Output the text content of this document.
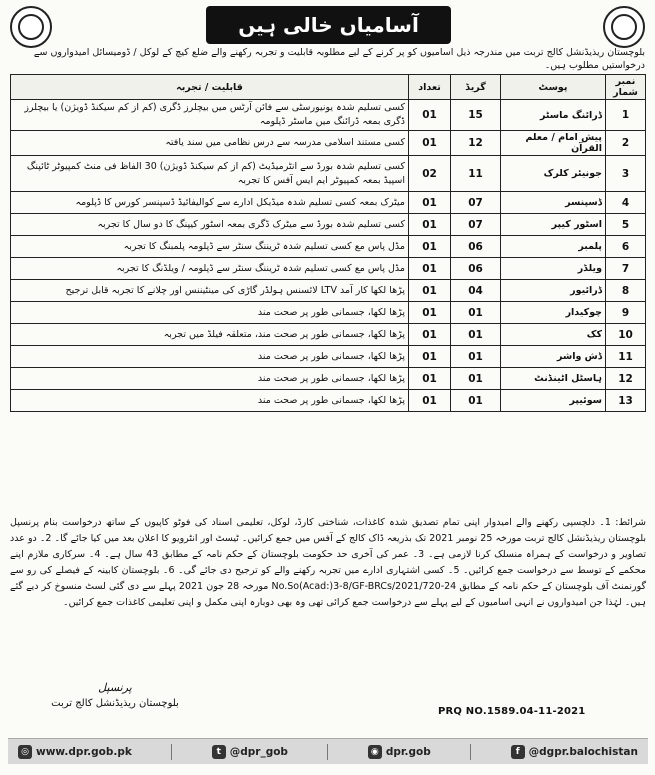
آسامیاں خالی ہیں
بلوچستان ریذیڈنشل کالج تربت میں مندرجہ ذیل اسامیوں کو پر کرنے کے لیے مطلوبہ قابلیت و تجربہ رکھنے والے ضلع کیچ کے لوکل / ڈومیسائل امیدواروں سے درخواستیں مطلوب ہیں۔
نمبر شمار	پوسٹ	گریڈ	تعداد	قابلیت / تجربہ
1	ڈرائنگ ماسٹر	15	01	کسی تسلیم شدہ یونیورسٹی سے فائن آرٹس میں بیچلرز ڈگری (کم از کم سیکنڈ ڈویژن) یا بیچلرز ڈگری بمعہ ڈرائنگ میں ماسٹر ڈپلومہ
2	پیش امام / معلم القرآن	12	01	کسی مستند اسلامی مدرسہ سے درس نظامی میں سند یافتہ
3	جونیئر کلرک	11	02	کسی تسلیم شدہ بورڈ سے انٹرمیڈیٹ (کم از کم سیکنڈ ڈویژن) 30 الفاظ فی منٹ کمپیوٹر ٹائپنگ اسپیڈ بمعہ کمپیوٹر ایم ایس آفس کا تجربہ
4	ڈسپنسر	07	01	میٹرک بمعہ کسی تسلیم شدہ میڈیکل ادارے سے کوالیفائیڈ ڈسپنسر کورس کا ڈپلومہ
5	اسٹور کیپر	07	01	کسی تسلیم شدہ بورڈ سے میٹرک ڈگری بمعہ اسٹور کیپنگ کا دو سال کا تجربہ
6	پلمبر	06	01	مڈل پاس مع کسی تسلیم شدہ ٹریننگ سنٹر سے ڈپلومہ پلمبنگ کا تجربہ
7	ویلڈر	06	01	مڈل پاس مع کسی تسلیم شدہ ٹریننگ سنٹر سے ڈپلومہ / ویلڈنگ کا تجربہ
8	ڈرائیور	04	01	پڑھا لکھا کار آمد LTV لائسنس ہولڈر گاڑی کی مینٹیننس اور چلانے کا تجربہ قابل ترجیح
9	چوکیدار	01	01	پڑھا لکھا، جسمانی طور پر صحت مند
10	کک	01	01	پڑھا لکھا، جسمانی طور پر صحت مند، متعلقہ فیلڈ میں تجربہ
11	ڈش واشر	01	01	پڑھا لکھا، جسمانی طور پر صحت مند
12	ہاسٹل اٹینڈنٹ	01	01	پڑھا لکھا، جسمانی طور پر صحت مند
13	سوئیپر	01	01	پڑھا لکھا، جسمانی طور پر صحت مند
شرائط: 1۔ دلچسپی رکھنے والے امیدوار اپنی تمام تصدیق شدہ کاغذات، شناختی کارڈ، لوکل، تعلیمی اسناد کی فوٹو کاپیوں کے ساتھ درخواست بنام پرنسپل بلوچستان ریذیڈنشل کالج تربت مورخہ 25 نومبر 2021 تک بذریعہ ڈاک کالج کے آفس میں جمع کرائیں۔ ٹیسٹ اور انٹرویو کا اعلان بعد میں کیا جائے گا۔ 2۔ دو عدد تصاویر و درخواست کے ہمراہ منسلک کرنا لازمی ہے۔ 3۔ عمر کی آخری حد حکومت بلوچستان کے حکم نامہ کے مطابق 43 سال ہے۔ 4۔ سرکاری ملازم اپنے محکمے کے توسط سے درخواست جمع کرائیں۔ 5۔ کسی اشتہاری ادارے میں تجربہ رکھنے والے کو ترجیح دی جائے گی۔ 6۔ بلوچستان کابینہ کے فیصلے کی رو سے گورنمنٹ آف بلوچستان کے حکم نامہ کے مطابق No.So(Acad:)3-8/GF-BRCs/2021/720-24 مورخہ 28 جون 2021 پہلے سے دی گئی لسٹ منسوخ کر دیے گئے ہیں۔ لہٰذا جن امیدواروں نے انہی اسامیوں کے لیے پہلے سے درخواست جمع کرائی تھی وہ بھی دوبارہ اپنی مکمل و اپنی تعلیمی کاغذات جمع کرائیں۔
پرنسپل
بلوچستان ریذیڈنشل کالج تربت
PRQ NO.1589.04-11-2021
◎ www.dpr.gob.pk	t @dpr_gob	◉ dpr.gob	f @dgpr.balochistan
